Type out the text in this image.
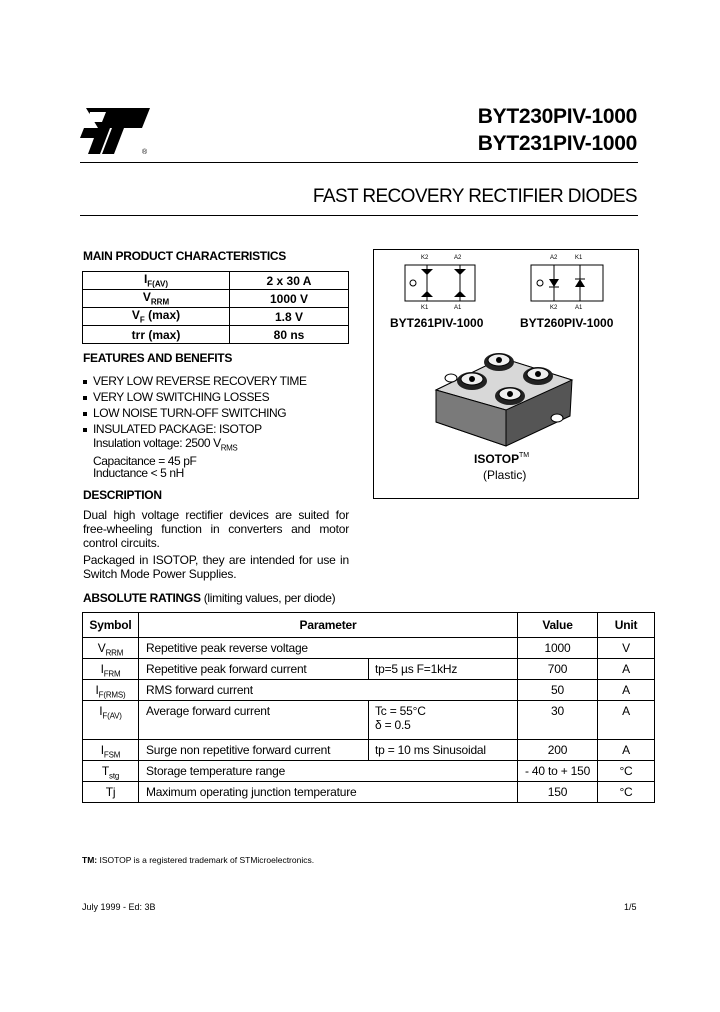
®
BYT230PIV-1000
BYT231PIV-1000
FAST RECOVERY RECTIFIER DIODES
MAIN PRODUCT CHARACTERISTICS
$I_{F(AV)}$	2 x 30 A
$V_{RRM}$	1000 V
$V_F$ (max)	1.8 V
trr (max)	80 ns
FEATURES AND BENEFITS
VERY LOW REVERSE RECOVERY TIME
VERY LOW SWITCHING LOSSES
LOW NOISE TURN-OFF SWITCHING
INSULATED PACKAGE: ISOTOP
Insulation voltage: 2500 $V_{RMS}$
Capacitance = 45 pF
Inductance < 5 nH
DESCRIPTION

Dual high voltage rectifier devices are suited for free-wheeling function in converters and motor control circuits.

Packaged in ISOTOP, they are intended for use in Switch Mode Power Supplies.

K2	A2
K1	A1
A2	K1
K2	A1
BYT261PIV-1000	BYT260PIV-1000
ISOTOP TM
(Plastic)
ABSOLUTE RATINGS (limiting values, per diode)
Symbol	Parameter		Value	Unit
$V_{RRM}$	Repetitive peak reverse voltage		1000	V
$I_{FRM}$	Repetitive peak forward current	tp=5 µs F=1kHz	700	A
$I_{F(RMS)}$	RMS forward current		50	A
$I_{F(AV)}$	Average forward current	Tc = 55°C
δ = 0.5	30	A
$I_{FSM}$	Surge non repetitive forward current	tp = 10 ms Sinusoidal	200	A
$T_{stg}$	Storage temperature range		- 40 to + 150	°C
Tj	Maximum operating junction temperature		150	°C
TM: ISOTOP is a registered trademark of STMicroelectronics.
July 1999 - Ed: 3B	1/5
